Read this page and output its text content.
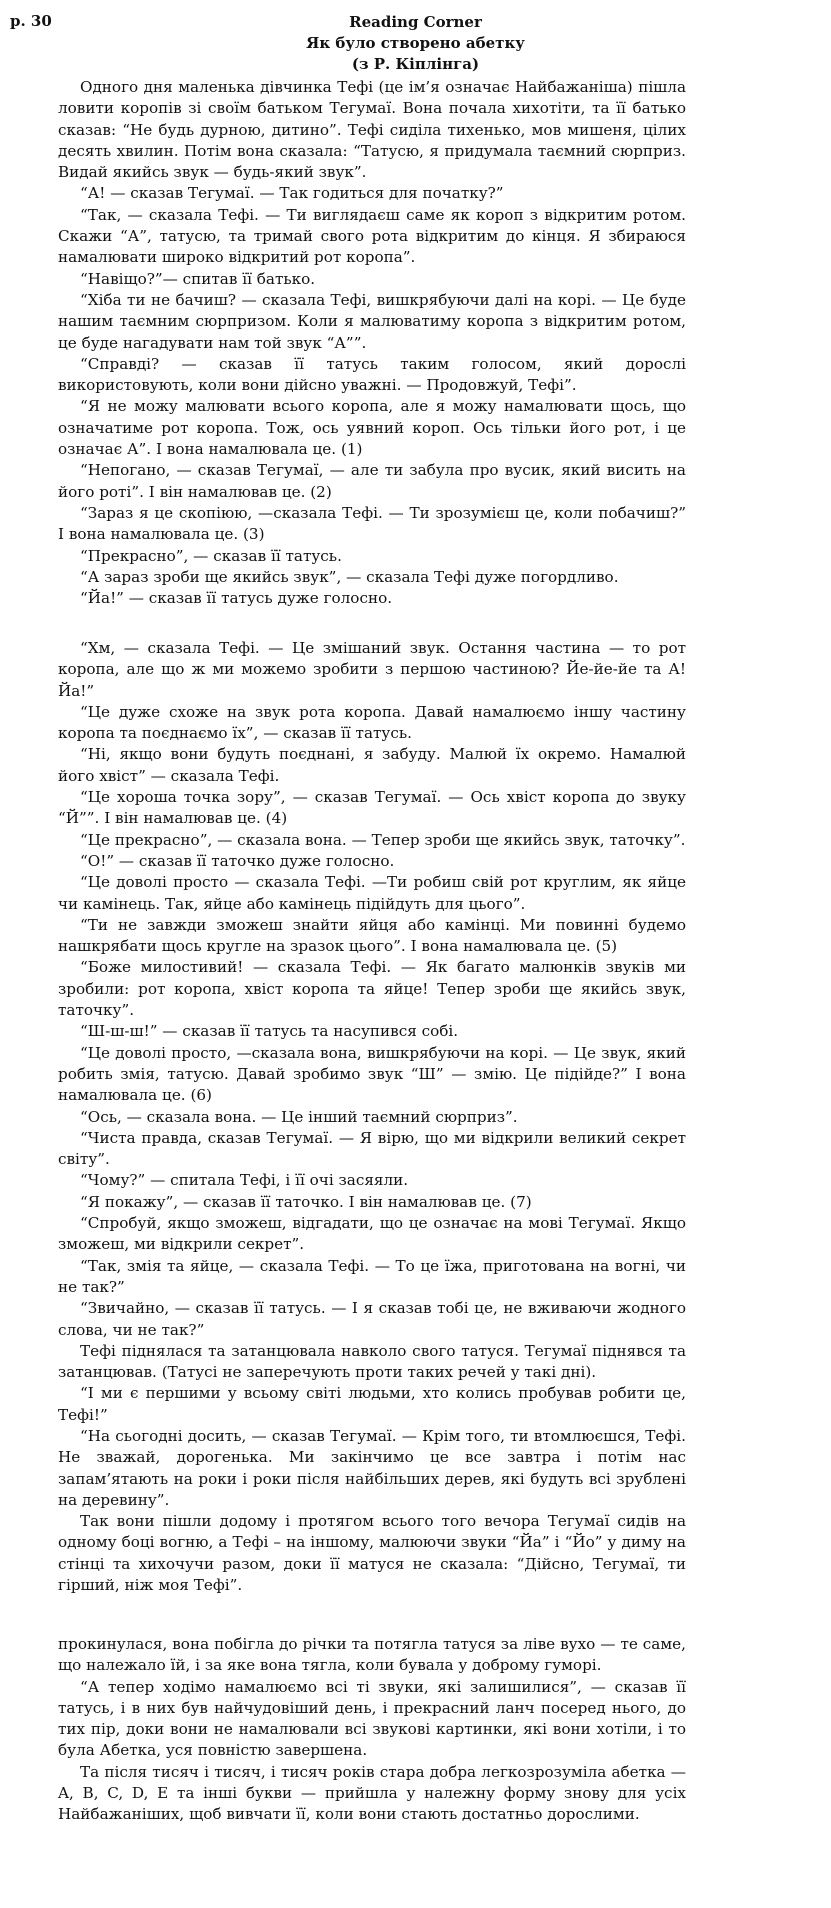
p. 30	Reading Corner
Як було створено абетку
(з Р. Кіплінга)

Одного дня маленька дівчинка Тефі (це ім’я означає Найбажаніша) пішла ловити коропів зі своїм батьком Тегумаї. Вона почала хихотіти, та її батько сказав: “Не будь дурною, дитино”. Тефі сиділа тихенько, мов мишеня, цілих десять хвилин. Потім вона сказала: “Татусю, я придумала таємний сюрприз. Видай якийсь звук — будь-який звук”.

“А! — сказав Тегумаї. — Так годиться для початку?”

“Так, — сказала Тефі. — Ти виглядаєш саме як короп з відкритим ротом. Скажи “А”, татусю, та тримай свого рота відкритим до кінця. Я збираюся намалювати широко відкритий рот коропа”.

“Навіщо?”— спитав її батько.

“Хіба ти не бачиш? — сказала Тефі, вишкрябуючи далі на корі. — Це буде нашим таємним сюрпризом. Коли я малюватиму коропа з відкритим ротом, це буде нагадувати нам той звук “А””.

“Справді? — сказав її татусь таким голосом, який дорослі використовують, коли вони дійсно уважні. — Продовжуй, Тефі”.

“Я не можу малювати всього коропа, але я можу намалювати щось, що означатиме рот коропа. Тож, ось уявний короп. Ось тільки його рот, і це означає А”. І вона намалювала це. (1)

“Непогано, — сказав Тегумаї, — але ти забула про вусик, який висить на його роті”. І він намалював це. (2)

“Зараз я це скопіюю, —сказала Тефі. — Ти зрозумієш це, коли побачиш?” І вона намалювала це. (3)

“Прекрасно”, — сказав її татусь.

“А зараз зроби ще якийсь звук”, — сказала Тефі дуже погордливо.

“Йа!” — сказав її татусь дуже голосно.

“Хм, — сказала Тефі. — Це змішаний звук. Остання частина — то рот коропа, але що ж ми можемо зробити з першою частиною? Йе-йе-йе та А! Йа!”

“Це дуже схоже на звук рота коропа. Давай намалюємо іншу частину коропа та поєднаємо їх”, — сказав її татусь.

“Ні, якщо вони будуть поєднані, я забуду. Малюй їх окремо. Намалюй його хвіст” — сказала Тефі.

“Це хороша точка зору”, — сказав Тегумаї. — Ось хвіст коропа до звуку “Й””. І він намалював це. (4)

“Це прекрасно”, — сказала вона. — Тепер зроби ще якийсь звук, таточку”.

“О!” — сказав її таточко дуже голосно.

“Це доволі просто — сказала Тефі. —Ти робиш свій рот круглим, як яйце чи камінець. Так, яйце або камінець підійдуть для цього”.

“Ти не завжди зможеш знайти яйця або камінці. Ми повинні будемо нашкрябати щось кругле на зразок цього”. І вона намалювала це. (5)

“Боже милостивий! — сказала Тефі. — Як багато малюнків звуків ми зробили: рот коропа, хвіст коропа та яйце! Тепер зроби ще якийсь звук, таточку”.

“Ш-ш-ш!” — сказав її татусь та насупився собі.

“Це доволі просто, —сказала вона, вишкрябуючи на корі. — Це звук, який робить змія, татусю. Давай зробимо звук “Ш” — змію. Це підійде?” І вона намалювала це. (6)

“Ось, — сказала вона. — Це інший таємний сюрприз”.

“Чиста правда, сказав Тегумаї. — Я вірю, що ми відкрили великий секрет світу”.

“Чому?” — спитала Тефі, і її очі засяяли.

“Я покажу”, — сказав її таточко. І він намалював це. (7)

“Спробуй, якщо зможеш, відгадати, що це означає на мові Тегумаї. Якщо зможеш, ми відкрили секрет”.

“Так, змія та яйце, — сказала Тефі. — То це їжа, приготована на вогні, чи не так?”

“Звичайно, — сказав її татусь. — І я сказав тобі це, не вживаючи жодного слова, чи не так?”

Тефі піднялася та затанцювала навколо свого татуся. Тегумаї піднявся та затанцював. (Татусі не заперечують проти таких речей у такі дні).

“І ми є першими у всьому світі людьми, хто колись пробував робити це, Тефі!”

“На сьогодні досить, — сказав Тегумаї. — Крім того, ти втомлюєшся, Тефі. Не зважай, дорогенька. Ми закінчимо це все завтра і потім нас запам’ятають на роки і роки після найбільших дерев, які будуть всі зрублені на деревину”.

Так вони пішли додому і протягом всього того вечора Тегумаї сидів на одному боці вогню, а Тефі – на іншому, малюючи звуки “Йа” і “Йо” у диму на стінці та хихочучи разом, доки її матуся не сказала: “Дійсно, Тегумаї, ти гірший, ніж моя Тефі”.

прокинулася, вона побігла до річки та потягла татуся за ліве вухо — те саме, що належало їй, і за яке вона тягла, коли бувала у доброму гуморі.

“А тепер ходімо намалюємо всі ті звуки, які залишилися”, — сказав її татусь, і в них був найчудовіший день, і прекрасний ланч посеред нього, до тих пір, доки вони не намалювали всі звукові картинки, які вони хотіли, і то була Абетка, уся повністю завершена.

Та після тисяч і тисяч, і тисяч років стара добра легкозрозуміла абетка — A, B, C, D, E та інші букви — прийшла у належну форму знову для усіх Найбажаніших, щоб вивчати її, коли вони стають достатньо дорослими.
